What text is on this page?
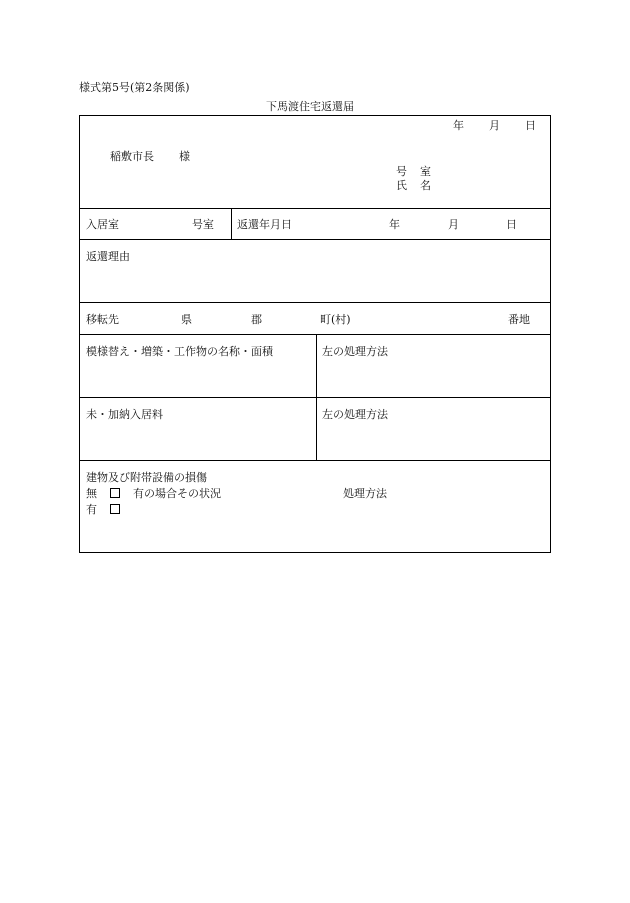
様式第5号(第2条関係)
下馬渡住宅返還届
年 月 日
稲敷市長 様
号 室
氏 名
入居室	号室 返還年月日	年	月	日
返還理由
移転先	県	郡	町(村)	番地
模様替え・増築・工作物の名称・面積	左の処理方法
未・加納入居料	左の処理方法
建物及び附帯設備の損傷
無	有の場合その状況	処理方法
有
